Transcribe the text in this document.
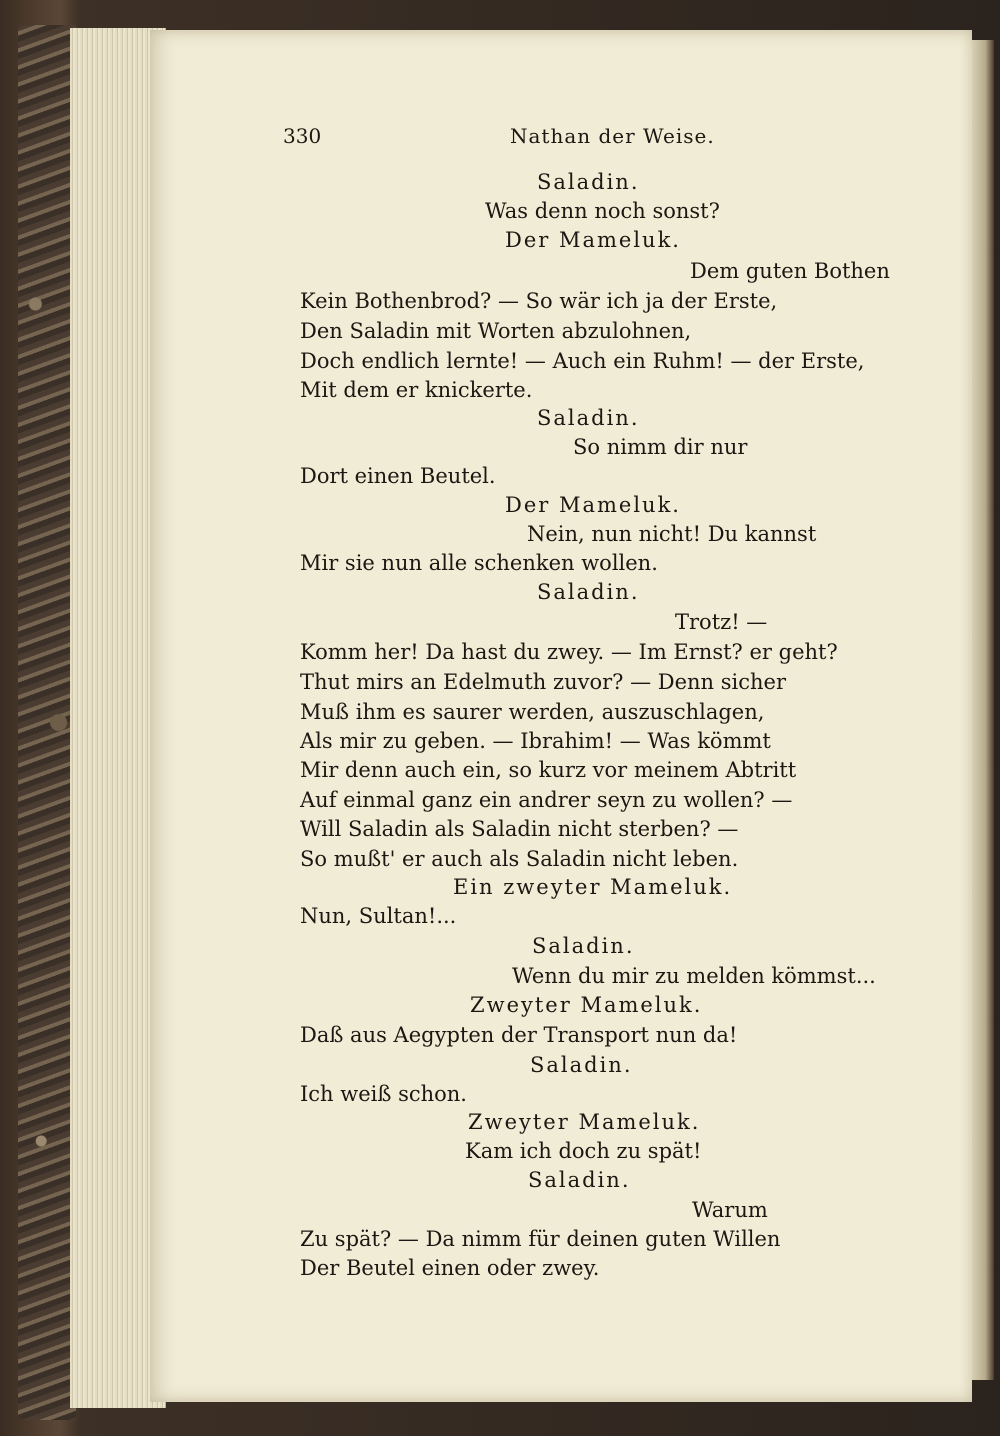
330	Nathan der Weise.
Saladin.
Was denn noch sonst?
Der Mameluk.
Dem guten Bothen
Kein Bothenbrod? — So wär ich ja der Erste,
Den Saladin mit Worten abzulohnen,
Doch endlich lernte! — Auch ein Ruhm! — der Erste,
Mit dem er knickerte.
Saladin.
So nimm dir nur
Dort einen Beutel.
Der Mameluk.
Nein, nun nicht! Du kannst
Mir sie nun alle schenken wollen.
Saladin.
Trotz! —
Komm her! Da hast du zwey. — Im Ernst? er geht?
Thut mirs an Edelmuth zuvor? — Denn sicher
Muß ihm es saurer werden, auszuschlagen,
Als mir zu geben. — Ibrahim! — Was kömmt
Mir denn auch ein, so kurz vor meinem Abtritt
Auf einmal ganz ein andrer seyn zu wollen? —
Will Saladin als Saladin nicht sterben? —
So mußt' er auch als Saladin nicht leben.
Ein zweyter Mameluk.
Nun, Sultan!...
Saladin.
Wenn du mir zu melden kömmst...
Zweyter Mameluk.
Daß aus Aegypten der Transport nun da!
Saladin.
Ich weiß schon.
Zweyter Mameluk.
Kam ich doch zu spät!
Saladin.
Warum
Zu spät? — Da nimm für deinen guten Willen
Der Beutel einen oder zwey.
